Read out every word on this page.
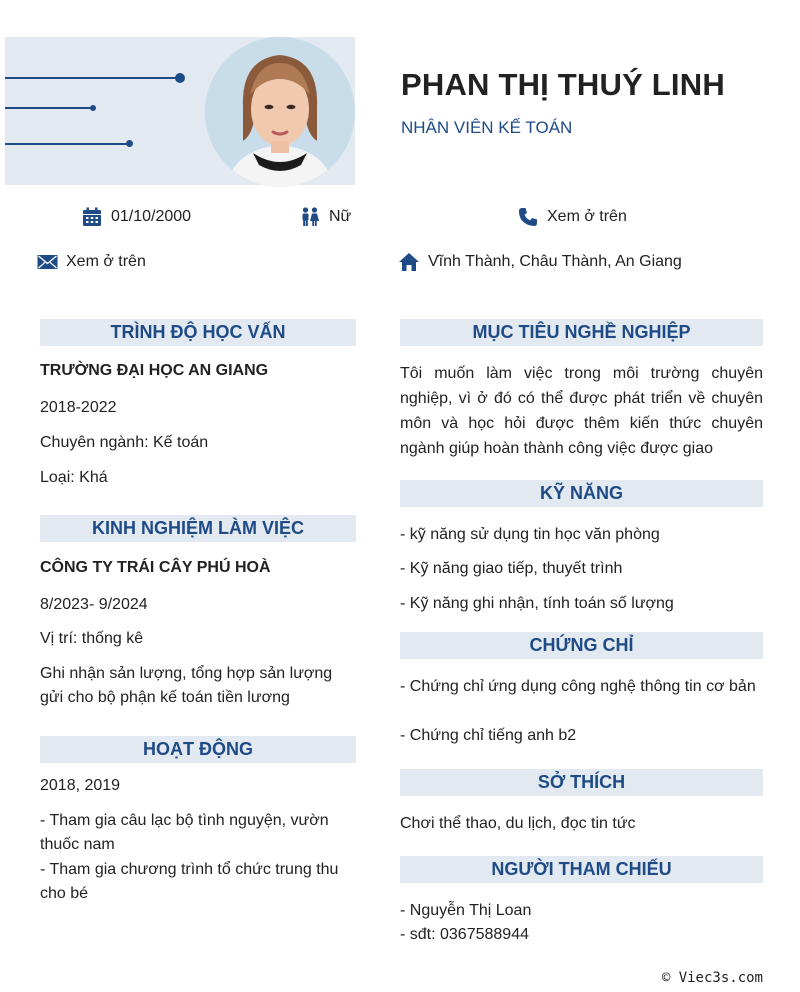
PHAN THỊ THUÝ LINH
NHÂN VIÊN KẾ TOÁN
01/10/2000	Nữ	Xem ở trên
Xem ở trên	Vĩnh Thành, Châu Thành, An Giang
TRÌNH ĐỘ HỌC VẤN
TRƯỜNG ĐẠI HỌC AN GIANG
2018-2022
Chuyên ngành: Kế toán
Loại: Khá
KINH NGHIỆM LÀM VIỆC
CÔNG TY TRÁI CÂY PHÚ HOÀ
8/2023- 9/2024
Vị trí: thống kê
Ghi nhận sản lượng, tổng hợp sản lượng gửi cho bộ phận kế toán tiền lương
HOẠT ĐỘNG
2018, 2019
- Tham gia câu lạc bộ tình nguyện, vườn thuốc nam
- Tham gia chương trình tổ chức trung thu cho bé
MỤC TIÊU NGHỀ NGHIỆP
Tôi muốn làm việc trong môi trường chuyên nghiệp, vì ở đó có thể được phát triển về chuyên môn và học hỏi được thêm kiến thức chuyên ngành giúp hoàn thành công việc được giao
KỸ NĂNG
- kỹ năng sử dụng tin học văn phòng
- Kỹ năng giao tiếp, thuyết trình
- Kỹ năng ghi nhận, tính toán số lượng
CHỨNG CHỈ
- Chứng chỉ ứng dụng công nghệ thông tin cơ bản
- Chứng chỉ tiếng anh b2
SỞ THÍCH
Chơi thể thao, du lịch, đọc tin tức
NGƯỜI THAM CHIẾU
- Nguyễn Thị Loan
- sđt: 0367588944
© Viec3s.com
